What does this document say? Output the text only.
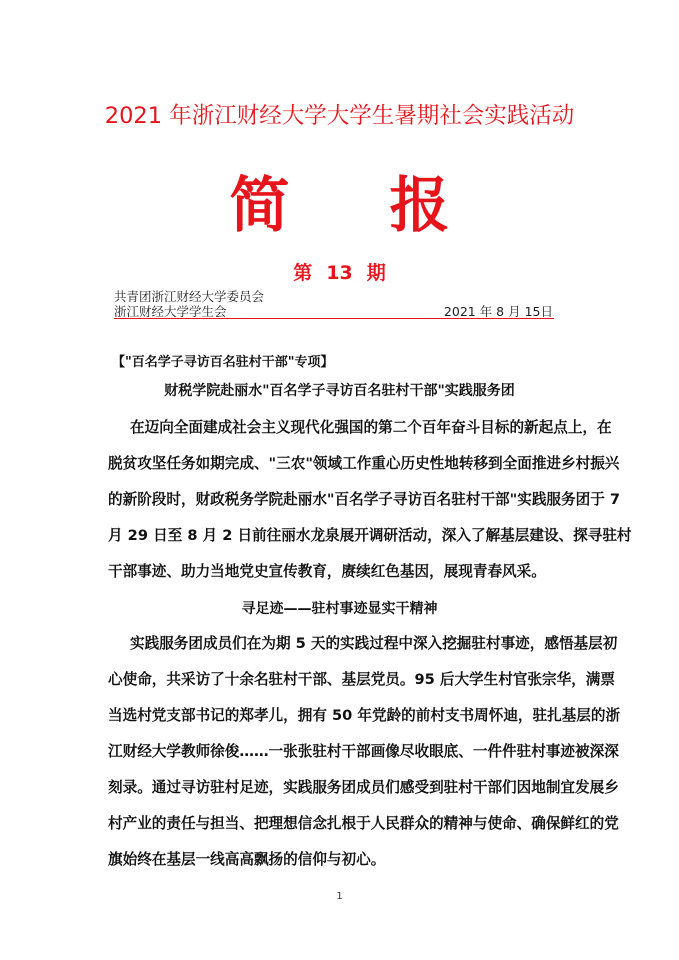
2021 年浙江财经大学大学生暑期社会实践活动
简 报
第 13 期
共青团浙江财经大学委员会
浙江财经大学学生会	2021 年 8 月 15日
【"百名学子寻访百名驻村干部"专项】
财税学院赴丽水"百名学子寻访百名驻村干部"实践服务团
在迈向全面建成社会主义现代化强国的第二个百年奋斗目标的新起点上，在
脱贫攻坚任务如期完成、"三农"领域工作重心历史性地转移到全面推进乡村振兴
的新阶段时，财政税务学院赴丽水"百名学子寻访百名驻村干部"实践服务团于 7
月 29 日至 8 月 2 日前往丽水龙泉展开调研活动，深入了解基层建设、探寻驻村
干部事迹、助力当地党史宣传教育，赓续红色基因，展现青春风采。
寻足迹——驻村事迹显实干精神
实践服务团成员们在为期 5 天的实践过程中深入挖掘驻村事迹，感悟基层初
心使命，共采访了十余名驻村干部、基层党员。95 后大学生村官张宗华，满票
当选村党支部书记的郑孝儿，拥有 50 年党龄的前村支书周怀迪，驻扎基层的浙
江财经大学教师徐俊……一张张驻村干部画像尽收眼底、一件件驻村事迹被深深
刻录。通过寻访驻村足迹，实践服务团成员们感受到驻村干部们因地制宜发展乡
村产业的责任与担当、把理想信念扎根于人民群众的精神与使命、确保鲜红的党
旗始终在基层一线高高飘扬的信仰与初心。
1
